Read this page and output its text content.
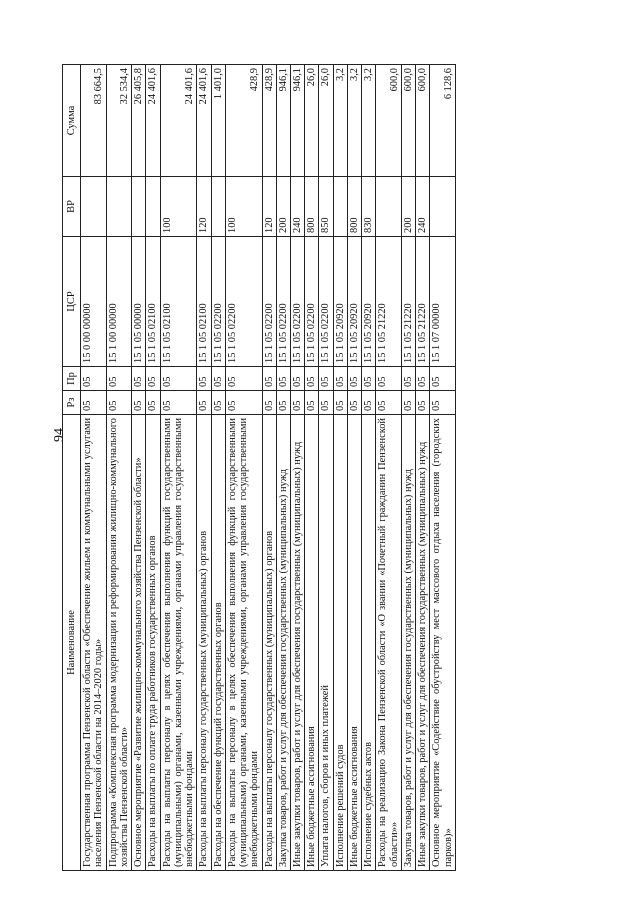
94
Наименование	Рз	Пр	ЦСР	ВР	Сумма
Государственная программа Пензенской области «Обеспечение жильем и коммунальными услугами населения Пензенской области на 2014–2020 годы»	05	05	15 0 00 00000		83 664,5
Подпрограмма «Комплексная программа модернизации и реформирования жилищно-коммунального хозяйства Пензенской области»	05	05	15 1 00 00000		32 534,4
Основное мероприятие «Развитие жилищно-коммунального хозяйства Пензенской области»	05	05	15 1 05 00000		26 405,8
Расходы на выплаты по оплате труда работников государственных органов	05	05	15 1 05 02100		24 401,6
Расходы на выплаты персоналу в целях обеспечения выполнения функций государственными (муниципальными) органами, казенными учреждениями, органами управления государственными внебюджетными фондами	05	05	15 1 05 02100	100	24 401,6
Расходы на выплаты персоналу государственных (муниципальных) органов	05	05	15 1 05 02100	120	24 401,6
Расходы на обеспечение функций государственных органов	05	05	15 1 05 02200		1 401,0
Расходы на выплаты персоналу в целях обеспечения выполнения функций государственными (муниципальными) органами, казенными учреждениями, органами управления государственными внебюджетными фондами	05	05	15 1 05 02200	100	428,9
Расходы на выплаты персоналу государственных (муниципальных) органов	05	05	15 1 05 02200	120	428,9
Закупка товаров, работ и услуг для обеспечения государственных (муниципальных) нужд	05	05	15 1 05 02200	200	946,1
Иные закупки товаров, работ и услуг для обеспечения государственных (муниципальных) нужд	05	05	15 1 05 02200	240	946,1
Иные бюджетные ассигнования	05	05	15 1 05 02200	800	26,0
Уплата налогов, сборов и иных платежей	05	05	15 1 05 02200	850	26,0
Исполнение решений судов	05	05	15 1 05 20920		3,2
Иные бюджетные ассигнования	05	05	15 1 05 20920	800	3,2
Исполнение судебных актов	05	05	15 1 05 20920	830	3,2
Расходы на реализацию Закона Пензенской области «О звании «Почетный гражданин Пензенской области»»	05	05	15 1 05 21220		600,0
Закупка товаров, работ и услуг для обеспечения государственных (муниципальных) нужд	05	05	15 1 05 21220	200	600,0
Иные закупки товаров, работ и услуг для обеспечения государственных (муниципальных) нужд	05	05	15 1 05 21220	240	600,0
Основное мероприятие «Содействие обустройству мест массового отдыха населения (городских парков)»	05	05	15 1 07 00000		6 128,6
